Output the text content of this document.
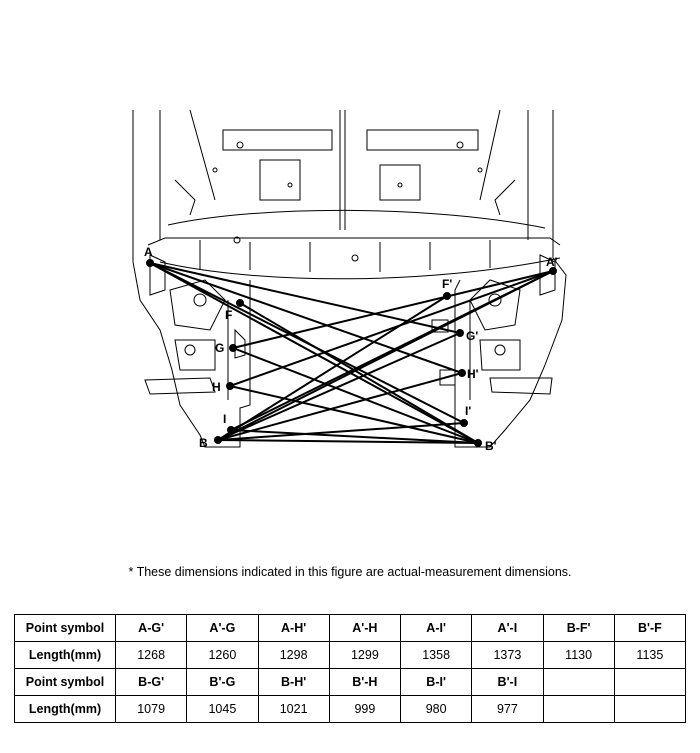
A
A'
B	B'
F
F'
G
G'
H
H'
I
I'
* These dimensions indicated in this figure are actual-measurement dimensions.
Point symbol	A-G'	A'-G	A-H'	A'-H	A-I'	A'-I	B-F'	B'-F
Length(mm)	1268	1260	1298	1299	1358	1373	1130	1135
Point symbol	B-G'	B'-G	B-H'	B'-H	B-I'	B'-I		
Length(mm)	1079	1045	1021	999	980	977		
